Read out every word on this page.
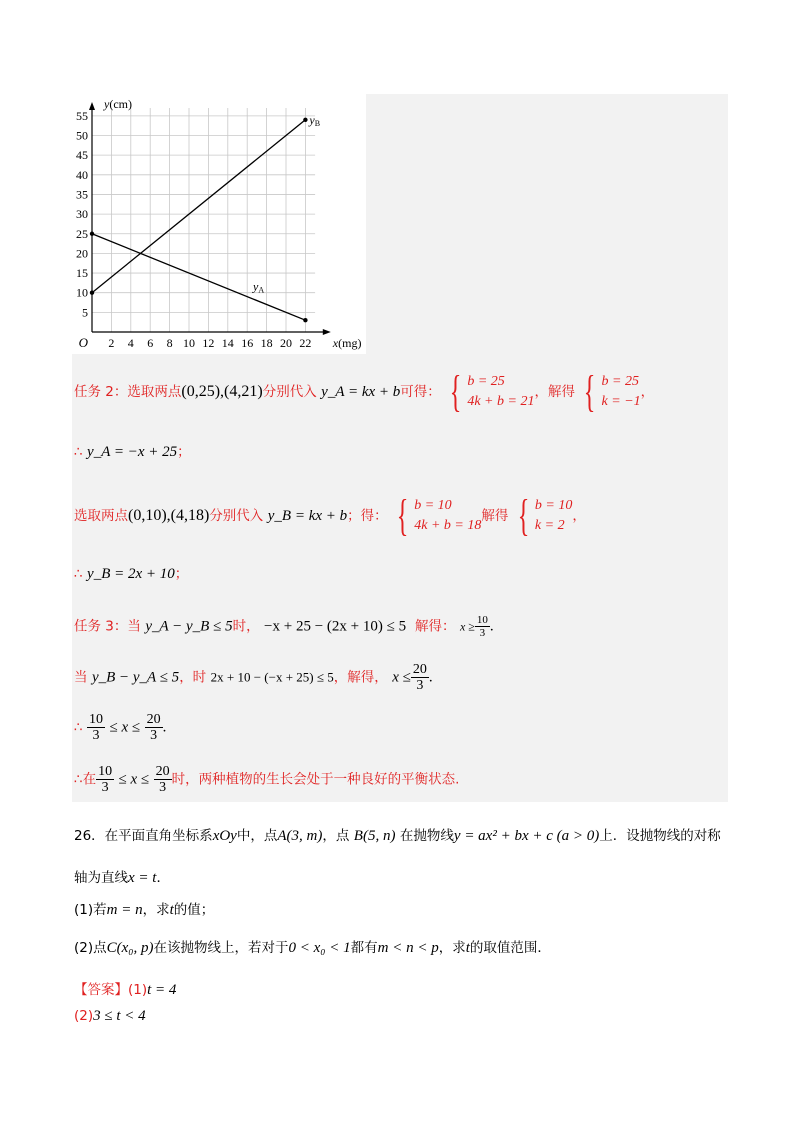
2 4 6 8 10 12 14 16 18 20 22
5
10
15
20
25
30
35
40
45
50
55
O	x(mg)
y(cm)
yA
yB
任务 2：选取两点(0,25),(4,21)分别代入 y_A = kx + b可得： { b = 25
4k + b = 21
，解得 { b = 25
k = −1
，
∴ y_A = −x + 25；
选取两点(0,10),(4,18)分别代入 y_B = kx + b；得： { b = 10
4k + b = 18
解得 { b = 10
k = 2
，
∴ y_B = 2x + 10；
任务 3：当 y_A − y_B ≤ 5时， −x + 25 − (2x + 10) ≤ 5 解得： $x \ge \frac{10}{3}$ .
当 y_B − y_A ≤ 5，时 2x + 10 − (−x + 25) ≤ 5，解得， $x \le \frac{20}{3}$ .
∴ $\frac{10}{3} \le x \le \frac{20}{3}$ .
∴在 $\frac{10}{3} \le x \le \frac{20}{3}$ 时，两种植物的生长会处于一种良好的平衡状态.
26．在平面直角坐标系xOy中，点A(3, m)，点 B(5, n) 在抛物线y = ax² + bx + c (a > 0)上．设抛物线的对称
轴为直线x = t．
(1)若m = n，求t的值；
(2)点C(x₀, p)在该抛物线上，若对于0 < x₀ < 1都有m < n < p，求t的取值范围．
【答案】(1)t = 4
(2)3 ≤ t < 4
